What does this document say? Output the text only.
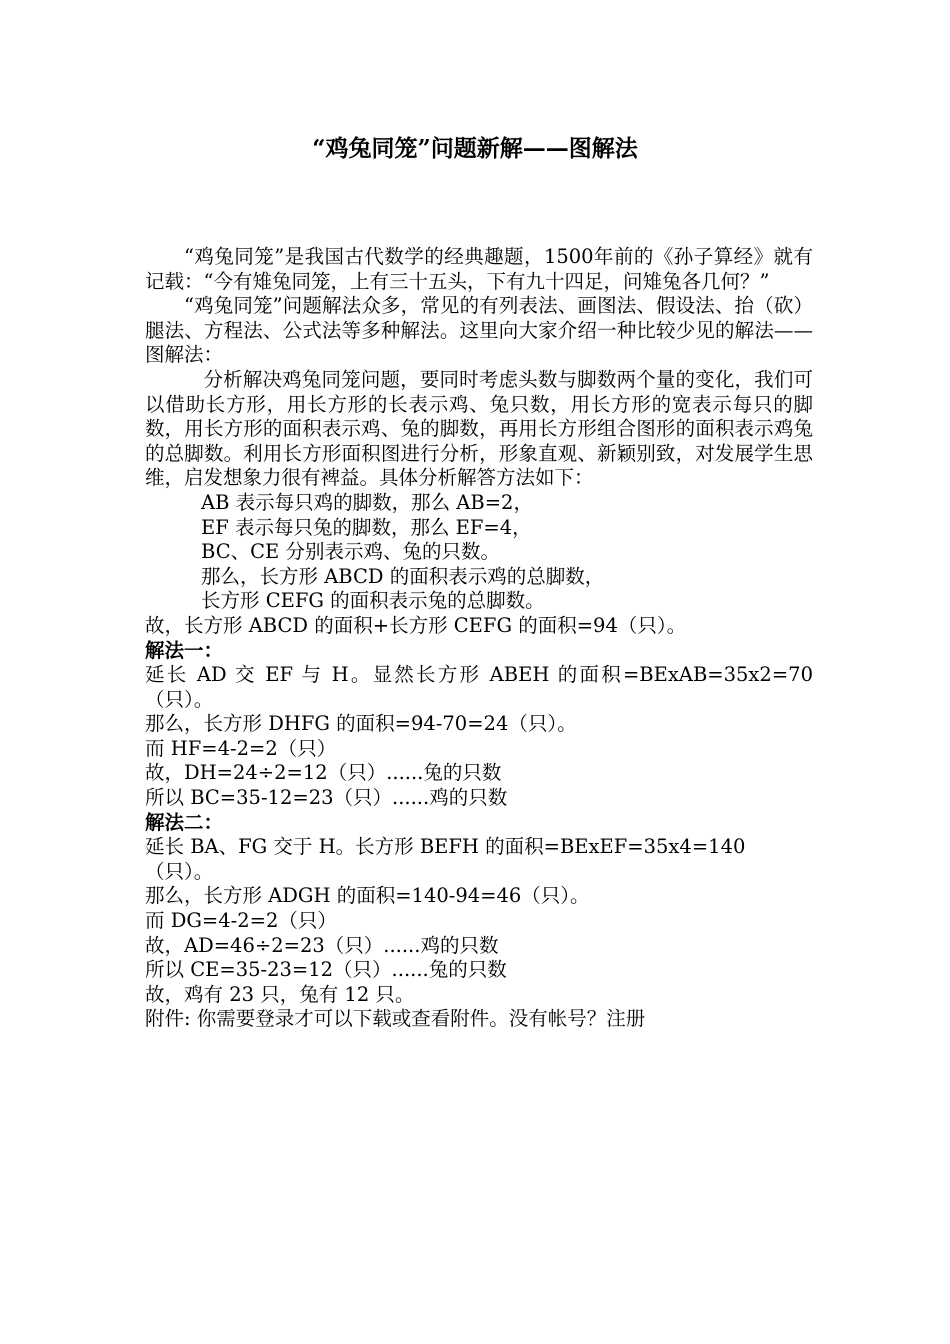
“鸡兔同笼”问题新解——图解法

“鸡兔同笼”是我国古代数学的经典趣题，1500年前的《孙子算经》就有记载：“今有雉兔同笼，上有三十五头，下有九十四足，问雉兔各几何？”

“鸡兔同笼”问题解法众多，常见的有列表法、画图法、假设法、抬（砍）腿法、方程法、公式法等多种解法。这里向大家介绍一种比较少见的解法——图解法：

分析解决鸡兔同笼问题，要同时考虑头数与脚数两个量的变化，我们可以借助长方形，用长方形的长表示鸡、兔只数，用长方形的宽表示每只的脚数，用长方形的面积表示鸡、兔的脚数，再用长方形组合图形的面积表示鸡兔的总脚数。利用长方形面积图进行分析，形象直观、新颖别致，对发展学生思维，启发想象力很有裨益。具体分析解答方法如下：

AB 表示每只鸡的脚数，那么 AB=2，

EF 表示每只兔的脚数，那么 EF=4，

BC、CE 分别表示鸡、兔的只数。

那么，长方形 ABCD 的面积表示鸡的总脚数，

长方形 CEFG 的面积表示兔的总脚数。

故，长方形 ABCD 的面积+长方形 CEFG 的面积=94（只）。

解法一：

延长 AD 交 EF 与 H。显然长方形 ABEH 的面积=BExAB=35x2=70（只）。

那么，长方形 DHFG 的面积=94-70=24（只）。

而 HF=4-2=2（只）

故，DH=24÷2=12（只）......兔的只数

所以 BC=35-12=23（只）......鸡的只数

解法二：

延长 BA、FG 交于 H。长方形 BEFH 的面积=BExEF=35x4=140（只）。

那么，长方形 ADGH 的面积=140-94=46（只）。

而 DG=4-2=2（只）

故，AD=46÷2=23（只）......鸡的只数

所以 CE=35-23=12（只）......兔的只数

故，鸡有 23 只，兔有 12 只。

附件: 你需要登录才可以下载或查看附件。没有帐号？注册
